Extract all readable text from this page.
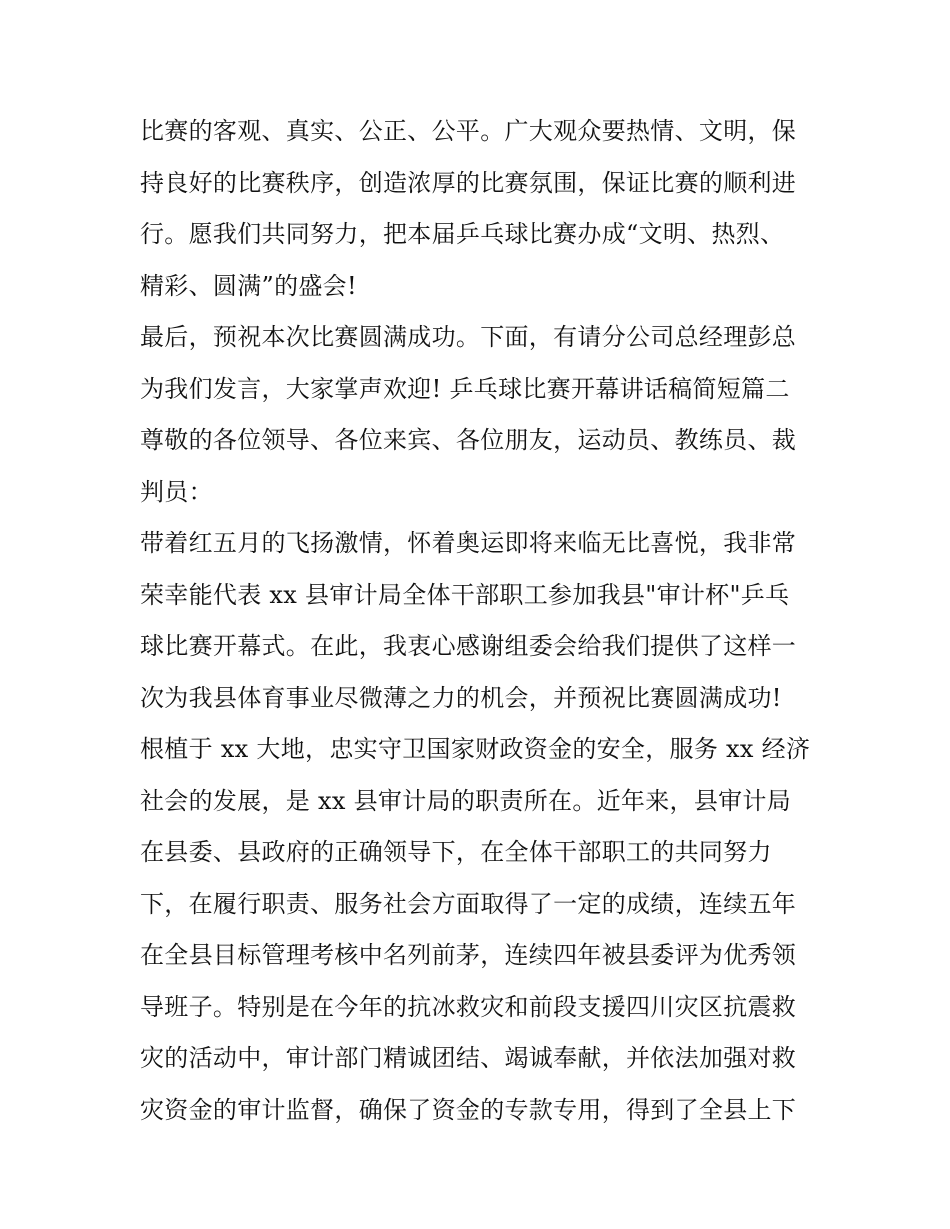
比赛的客观、真实、公正、公平。广大观众要热情、文明，保
持良好的比赛秩序，创造浓厚的比赛氛围，保证比赛的顺利进
行。愿我们共同努力，把本届乒乓球比赛办成“文明、热烈、
精彩、圆满”的盛会!
最后，预祝本次比赛圆满成功。下面，有请分公司总经理彭总
为我们发言，大家掌声欢迎! 乒乓球比赛开幕讲话稿简短篇二
尊敬的各位领导、各位来宾、各位朋友，运动员、教练员、裁
判员：
带着红五月的飞扬激情，怀着奥运即将来临无比喜悦，我非常
荣幸能代表 xx 县审计局全体干部职工参加我县"审计杯"乒乓
球比赛开幕式。在此，我衷心感谢组委会给我们提供了这样一
次为我县体育事业尽微薄之力的机会，并预祝比赛圆满成功!
根植于 xx 大地，忠实守卫国家财政资金的安全，服务 xx 经济
社会的发展，是 xx 县审计局的职责所在。近年来，县审计局
在县委、县政府的正确领导下，在全体干部职工的共同努力
下，在履行职责、服务社会方面取得了一定的成绩，连续五年
在全县目标管理考核中名列前茅，连续四年被县委评为优秀领
导班子。特别是在今年的抗冰救灾和前段支援四川灾区抗震救
灾的活动中，审计部门精诚团结、竭诚奉献，并依法加强对救
灾资金的审计监督，确保了资金的专款专用，得到了全县上下
